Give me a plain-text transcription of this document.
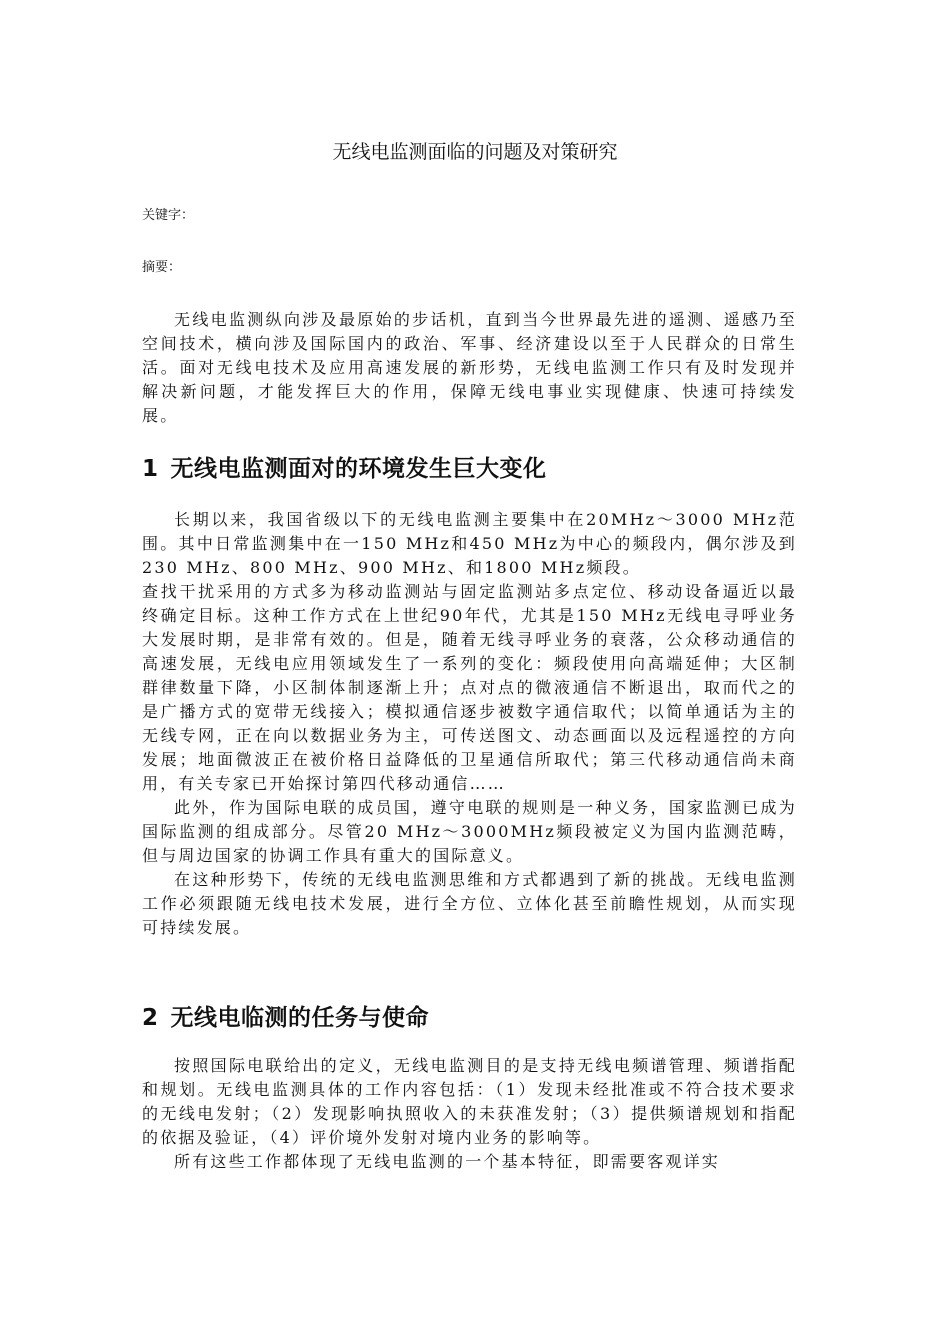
无线电监测面临的问题及对策研究
关键字：
摘要：

无线电监测纵向涉及最原始的步话机，直到当今世界最先进的遥测、遥感乃至空间技术，横向涉及国际国内的政治、军事、经济建设以至于人民群众的日常生活。面对无线电技术及应用高速发展的新形势，无线电监测工作只有及时发现并解决新问题，才能发挥巨大的作用，保障无线电事业实现健康、快速可持续发展。

1 无线电监测面对的环境发生巨大变化

长期以来，我国省级以下的无线电监测主要集中在20MHz～3000 MHz范围。其中日常监测集中在一150 MHz和450 MHz为中心的频段内，偶尔涉及到230 MHz、800 MHz、900 MHz、和1800 MHz频段。

查找干扰采用的方式多为移动监测站与固定监测站多点定位、移动设备逼近以最终确定目标。这种工作方式在上世纪90年代，尤其是150 MHz无线电寻呼业务大发展时期，是非常有效的。但是，随着无线寻呼业务的衰落，公众移动通信的高速发展，无线电应用领域发生了一系列的变化：频段使用向高端延伸；大区制群律数量下降，小区制体制逐渐上升；点对点的微液通信不断退出，取而代之的是广播方式的宽带无线接入；模拟通信逐步被数字通信取代；以简单通话为主的无线专网，正在向以数据业务为主，可传送图文、动态画面以及远程遥控的方向发展；地面微波正在被价格日益降低的卫星通信所取代；第三代移动通信尚未商用，有关专家已开始探讨第四代移动通信……

此外，作为国际电联的成员国，遵守电联的规则是一种义务，国家监测已成为国际监测的组成部分。尽管20 MHz～3000MHz频段被定义为国内监测范畴，但与周边国家的协调工作具有重大的国际意义。

在这种形势下，传统的无线电监测思维和方式都遇到了新的挑战。无线电监测工作必须跟随无线电技术发展，进行全方位、立体化甚至前瞻性规划，从而实现可持续发展。

2 无线电临测的任务与使命

按照国际电联给出的定义，无线电监测目的是支持无线电频谱管理、频谱指配和规划。无线电监测具体的工作内容包括：（1）发现未经批准或不符合技术要求的无线电发射；（2）发现影响执照收入的未获准发射；（3）提供频谱规划和指配的依据及验证，（4）评价境外发射对境内业务的影响等。

所有这些工作都体现了无线电监测的一个基本特征，即需要客观详实
